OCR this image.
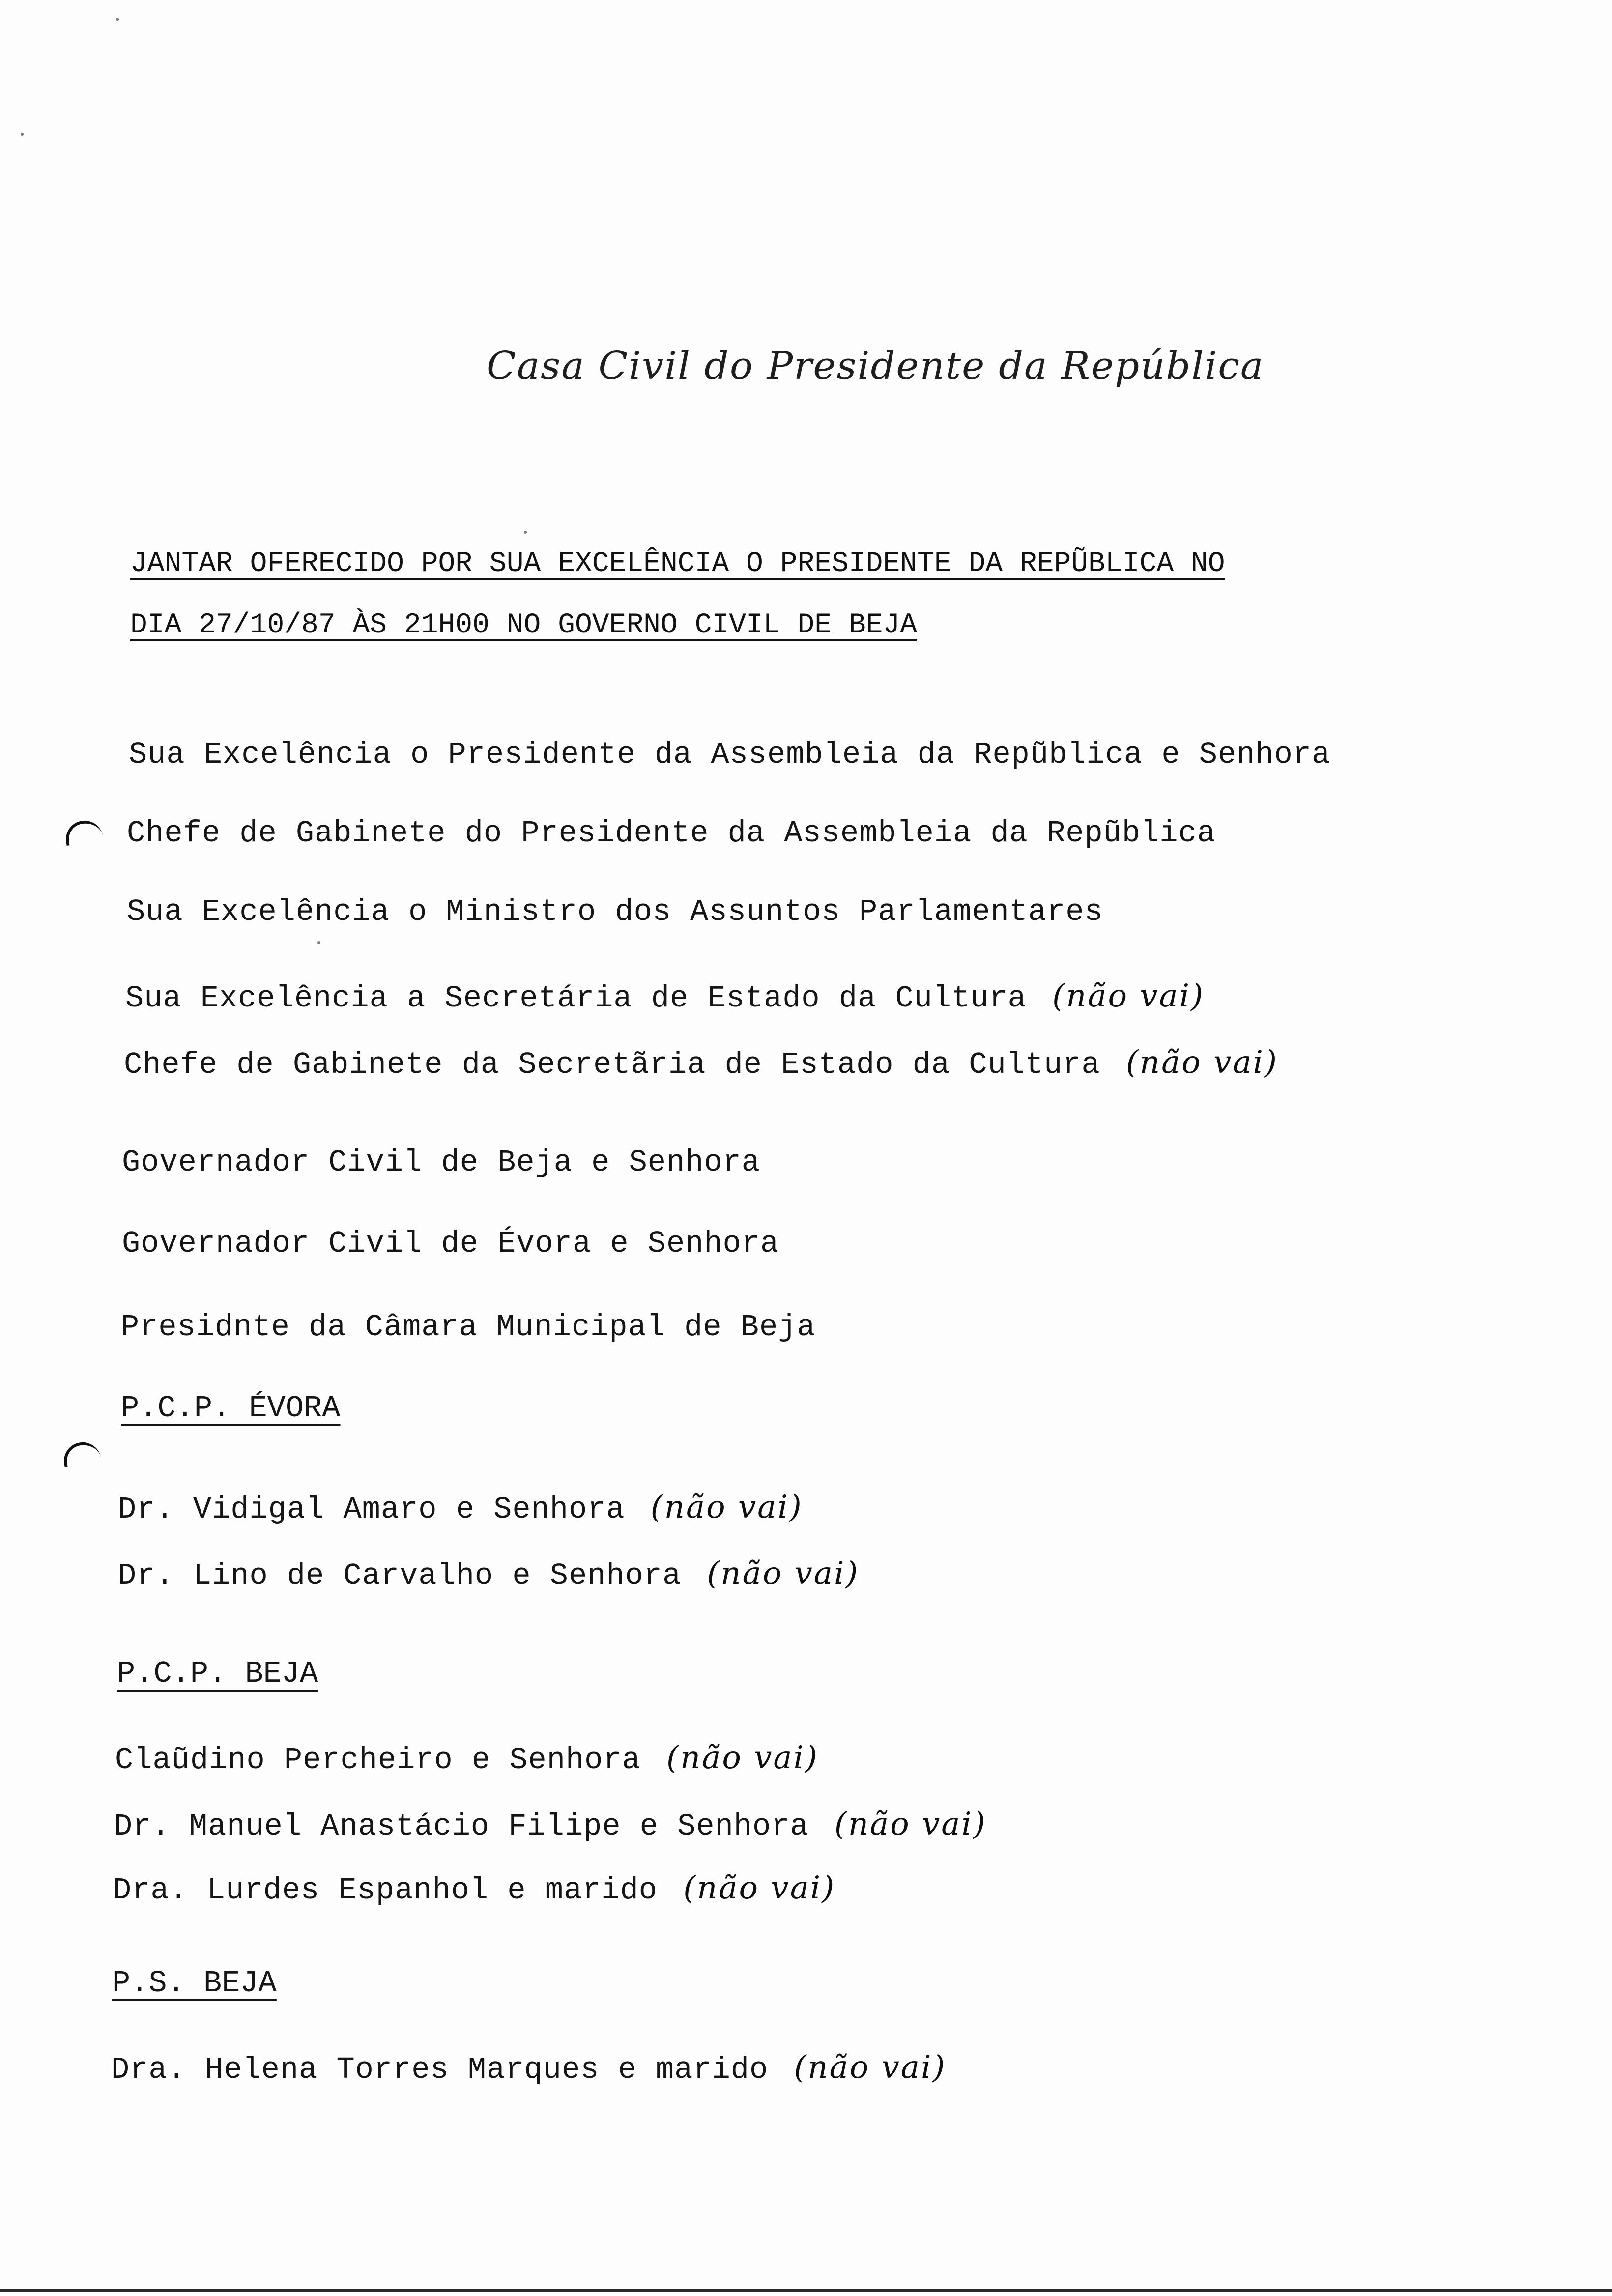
Casa Civil do Presidente da República
JANTAR OFERECIDO POR SUA EXCELÊNCIA O PRESIDENTE DA REPŨBLICA NO
DIA 27/10/87 ÀS 21H00 NO GOVERNO CIVIL DE BEJA
Sua Excelência o Presidente da Assembleia da Repũblica e Senhora
Chefe de Gabinete do Presidente da Assembleia da Repũblica
Sua Excelência o Ministro dos Assuntos Parlamentares
Sua Excelência a Secretária de Estado da Cultura (não vai)
Chefe de Gabinete da Secretãria de Estado da Cultura (não vai)
Governador Civil de Beja e Senhora
Governador Civil de Évora e Senhora
Presidnte da Câmara Municipal de Beja
P.C.P. ÉVORA
Dr. Vidigal Amaro e Senhora (não vai)
Dr. Lino de Carvalho e Senhora (não vai)
P.C.P. BEJA
Claũdino Percheiro e Senhora (não vai)
Dr. Manuel Anastácio Filipe e Senhora (não vai)
Dra. Lurdes Espanhol e marido (não vai)
P.S. BEJA
Dra. Helena Torres Marques e marido (não vai)
